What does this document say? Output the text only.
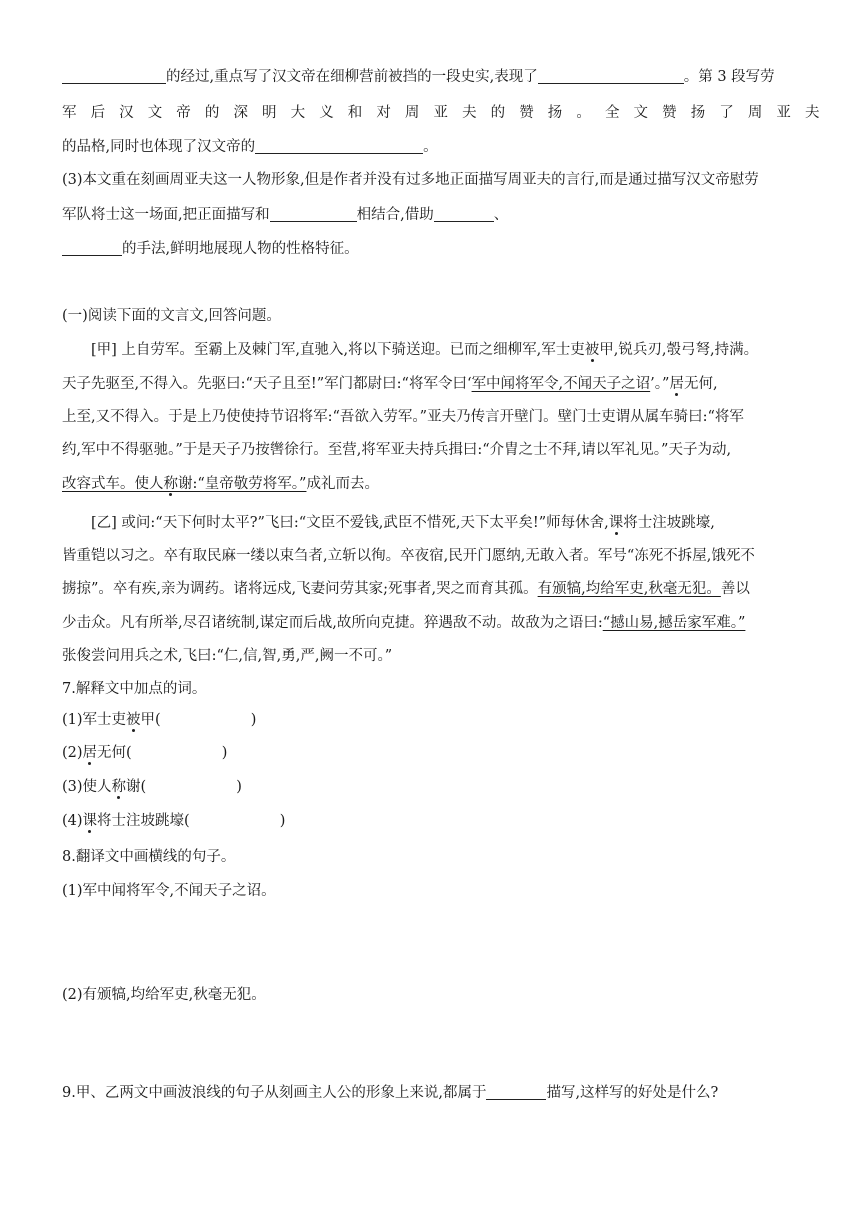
的经过,重点写了汉文帝在细柳营前被挡的一段史实,表现了	。第 3 段写劳
军后汉文帝的深明大义和对周亚夫的赞扬。全文赞扬了周亚夫
的品格,同时也体现了汉文帝的	。
(3)本文重在刻画周亚夫这一人物形象,但是作者并没有过多地正面描写周亚夫的言行,而是通过描写汉文帝慰劳
军队将士这一场面,把正面描写和	相结合,借助	、
的手法,鲜明地展现人物的性格特征。
(一)阅读下面的文言文,回答问题。
[甲] 上自劳军。至霸上及棘门军,直驰入,将以下骑送迎。已而之细柳军,军士吏被甲,锐兵刃,彀弓弩,持满。
天子先驱至,不得入。先驱曰:“天子且至!”军门都尉曰:“将军令曰‘军中闻将军令,不闻天子之诏’。”居无何,
上至,又不得入。于是上乃使使持节诏将军:“吾欲入劳军。”亚夫乃传言开壁门。壁门士吏谓从属车骑曰:“将军
约,军中不得驱驰。”于是天子乃按辔徐行。至营,将军亚夫持兵揖曰:“介胄之士不拜,请以军礼见。”天子为动,
改容式车。使人称谢:“皇帝敬劳将军。”成礼而去。
[乙] 或问:“天下何时太平?”飞曰:“文臣不爱钱,武臣不惜死,天下太平矣!”师每休舍,课将士注坡跳壕,
皆重铠以习之。卒有取民麻一缕以束刍者,立斩以徇。卒夜宿,民开门愿纳,无敢入者。军号“冻死不拆屋,饿死不
掳掠”。卒有疾,亲为调药。诸将远戍,飞妻问劳其家;死事者,哭之而育其孤。有颁犒,均给军吏,秋毫无犯。善以
少击众。凡有所举,尽召诸统制,谋定而后战,故所向克捷。猝遇敌不动。故敌为之语曰:“撼山易,撼岳家军难。”
张俊尝问用兵之术,飞曰:“仁,信,智,勇,严,阙一不可。”
7.解释文中加点的词。
(1)军士吏被甲(	)
(2)居无何(	)
(3)使人称谢(	)
(4)课将士注坡跳壕(	)
8.翻译文中画横线的句子。
(1)军中闻将军令,不闻天子之诏。
(2)有颁犒,均给军吏,秋毫无犯。
9.甲、乙两文中画波浪线的句子从刻画主人公的形象上来说,都属于	描写,这样写的好处是什么?
